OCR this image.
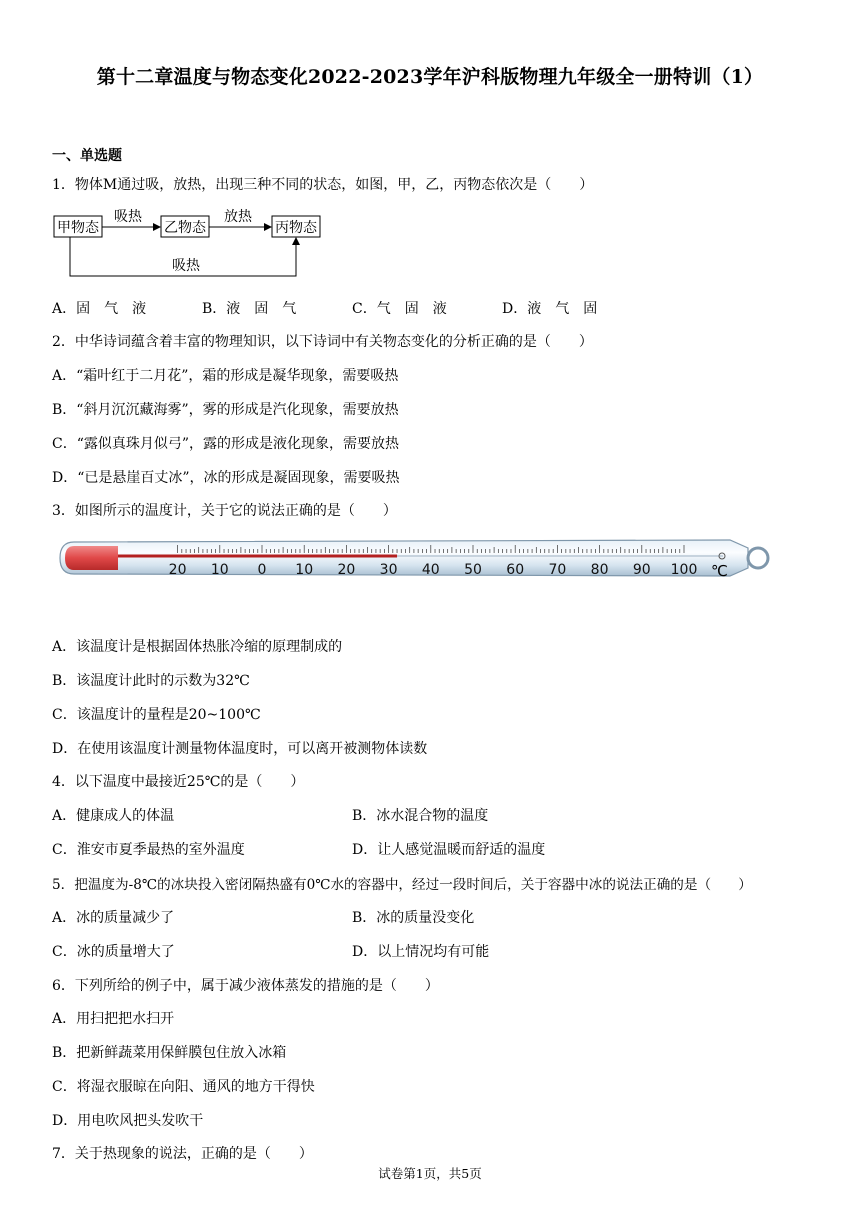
第十二章温度与物态变化2022-2023学年沪科版物理九年级全一册特训（1）
一、单选题
1．物体M通过吸，放热，出现三种不同的状态，如图，甲，乙，丙物态依次是（　　）
甲物态	乙物态	丙物态
吸热	放热
吸热
A．固　气　液	B．液　固　气	C．气　固　液	D．液　气　固
2．中华诗词蕴含着丰富的物理知识，以下诗词中有关物态变化的分析正确的是（　　）
A．“霜叶红于二月花”，霜的形成是凝华现象，需要吸热
B．“斜月沉沉藏海雾”，雾的形成是汽化现象，需要放热
C．“露似真珠月似弓”，露的形成是液化现象，需要放热
D．“已是悬崖百丈冰”，冰的形成是凝固现象，需要吸热
3．如图所示的温度计，关于它的说法正确的是（　　）
20 10 0 10 20 30 40 50 60 70 80 90 100 ℃
A．该温度计是根据固体热胀冷缩的原理制成的
B．该温度计此时的示数为32℃
C．该温度计的量程是20~100℃
D．在使用该温度计测量物体温度时，可以离开被测物体读数
4．以下温度中最接近25℃的是（　　）
A．健康成人的体温	B．冰水混合物的温度
C．淮安市夏季最热的室外温度	D．让人感觉温暖而舒适的温度
5．把温度为-8℃的冰块投入密闭隔热盛有0℃水的容器中，经过一段时间后，关于容器中冰的说法正确的是（　　）
A．冰的质量减少了	B．冰的质量没变化
C．冰的质量增大了	D．以上情况均有可能
6．下列所给的例子中，属于减少液体蒸发的措施的是（　　）
A．用扫把把水扫开
B．把新鲜蔬菜用保鲜膜包住放入冰箱
C．将湿衣服晾在向阳、通风的地方干得快
D．用电吹风把头发吹干
7．关于热现象的说法，正确的是（　　）
试卷第1页，共5页
